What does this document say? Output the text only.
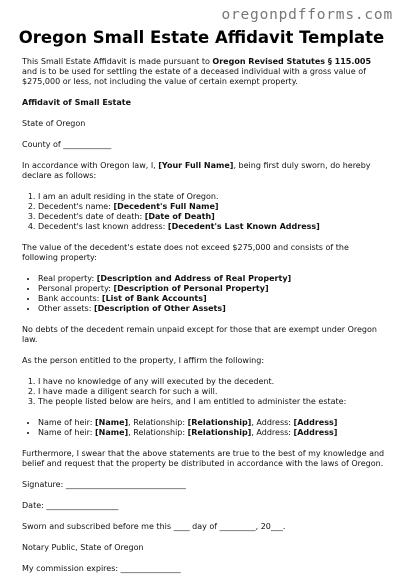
oregonpdfforms.com

Oregon Small Estate Affidavit Template

This Small Estate Affidavit is made pursuant to Oregon Revised Statutes § 115.005 and is to be used for settling the estate of a deceased individual with a gross value of $275,000 or less, not including the value of certain exempt property.

Affidavit of Small Estate

State of Oregon

County of ____________

In accordance with Oregon law, I, [Your Full Name], being first duly sworn, do hereby declare as follows:

1. I am an adult residing in the state of Oregon.
2. Decedent's name: [Decedent's Full Name]
3. Decedent's date of death: [Date of Death]
4. Decedent's last known address: [Decedent's Last Known Address]

The value of the decedent's estate does not exceed $275,000 and consists of the following property:

• Real property: [Description and Address of Real Property]
• Personal property: [Description of Personal Property]
• Bank accounts: [List of Bank Accounts]
• Other assets: [Description of Other Assets]

No debts of the decedent remain unpaid except for those that are exempt under Oregon law.

As the person entitled to the property, I affirm the following:

1. I have no knowledge of any will executed by the decedent.
2. I have made a diligent search for such a will.
3. The people listed below are heirs, and I am entitled to administer the estate:
• Name of heir: [Name], Relationship: [Relationship], Address: [Address]
• Name of heir: [Name], Relationship: [Relationship], Address: [Address]

Furthermore, I swear that the above statements are true to the best of my knowledge and belief and request that the property be distributed in accordance with the laws of Oregon.

Signature: ______________________________

Date: __________________

Sworn and subscribed before me this ____ day of _________, 20___.

Notary Public, State of Oregon

My commission expires: _______________
